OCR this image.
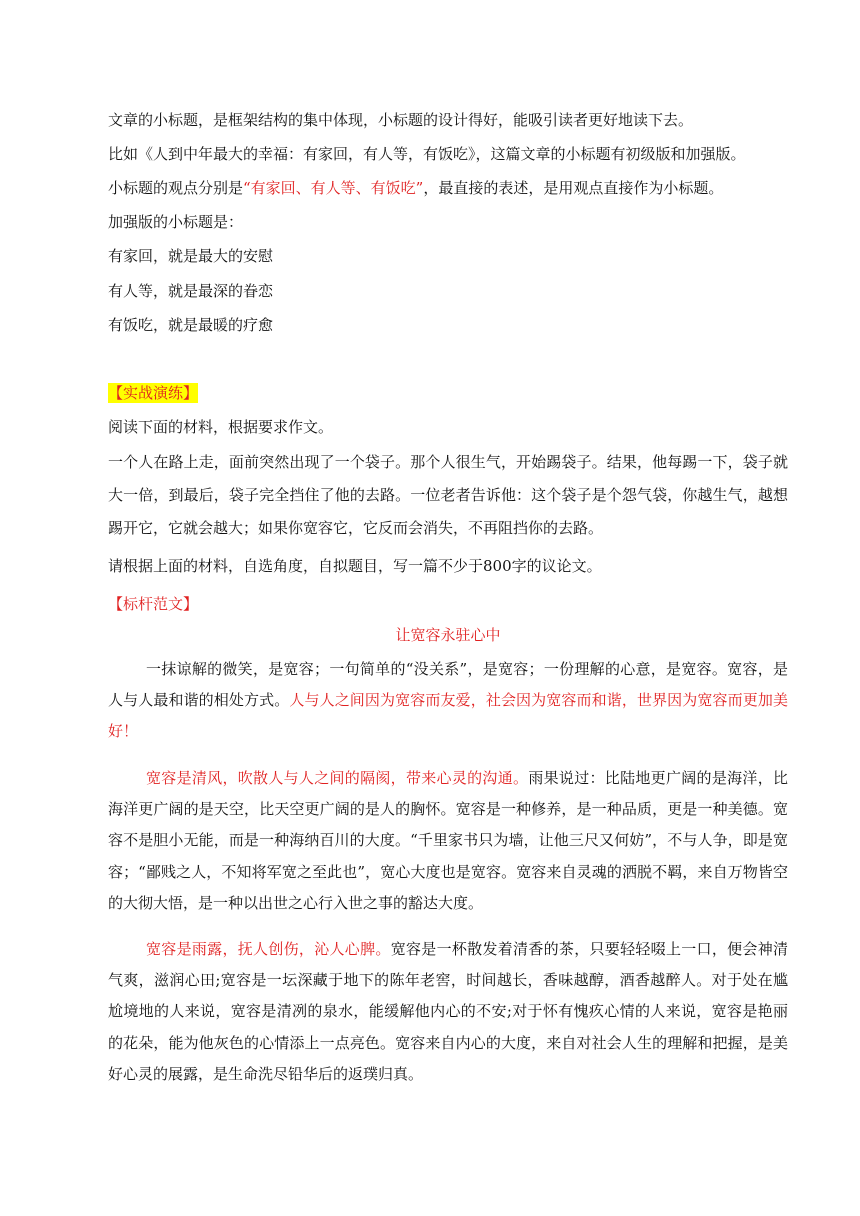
文章的小标题，是框架结构的集中体现，小标题的设计得好，能吸引读者更好地读下去。
比如《人到中年最大的幸福：有家回，有人等，有饭吃》，这篇文章的小标题有初级版和加强版。
小标题的观点分别是“有家回、有人等、有饭吃”，最直接的表述，是用观点直接作为小标题。
加强版的小标题是：
有家回，就是最大的安慰
有人等，就是最深的眷恋
有饭吃，就是最暖的疗愈
【实战演练】
阅读下面的材料，根据要求作文。
一个人在路上走，面前突然出现了一个袋子。那个人很生气，开始踢袋子。结果，他每踢一下，袋子就大一倍，到最后，袋子完全挡住了他的去路。一位老者告诉他：这个袋子是个怨气袋，你越生气，越想踢开它，它就会越大；如果你宽容它，它反而会消失，不再阻挡你的去路。
请根据上面的材料，自选角度，自拟题目，写一篇不少于800字的议论文。
【标杆范文】
让宽容永驻心中
一抹谅解的微笑，是宽容；一句简单的“没关系”，是宽容；一份理解的心意，是宽容。宽容，是人与人最和谐的相处方式。人与人之间因为宽容而友爱，社会因为宽容而和谐，世界因为宽容而更加美好！
宽容是清风，吹散人与人之间的隔阂，带来心灵的沟通。雨果说过：比陆地更广阔的是海洋，比海洋更广阔的是天空，比天空更广阔的是人的胸怀。宽容是一种修养，是一种品质，更是一种美德。宽容不是胆小无能，而是一种海纳百川的大度。“千里家书只为墙，让他三尺又何妨”，不与人争，即是宽容；“鄙贱之人，不知将军宽之至此也”，宽心大度也是宽容。宽容来自灵魂的洒脱不羁，来自万物皆空的大彻大悟，是一种以出世之心行入世之事的豁达大度。
宽容是雨露，抚人创伤，沁人心脾。宽容是一杯散发着清香的茶，只要轻轻啜上一口，便会神清气爽，滋润心田;宽容是一坛深藏于地下的陈年老窖，时间越长，香味越醇，酒香越醉人。对于处在尴尬境地的人来说，宽容是清冽的泉水，能缓解他内心的不安;对于怀有愧疚心情的人来说，宽容是艳丽的花朵，能为他灰色的心情添上一点亮色。宽容来自内心的大度，来自对社会人生的理解和把握，是美好心灵的展露，是生命洗尽铅华后的返璞归真。
